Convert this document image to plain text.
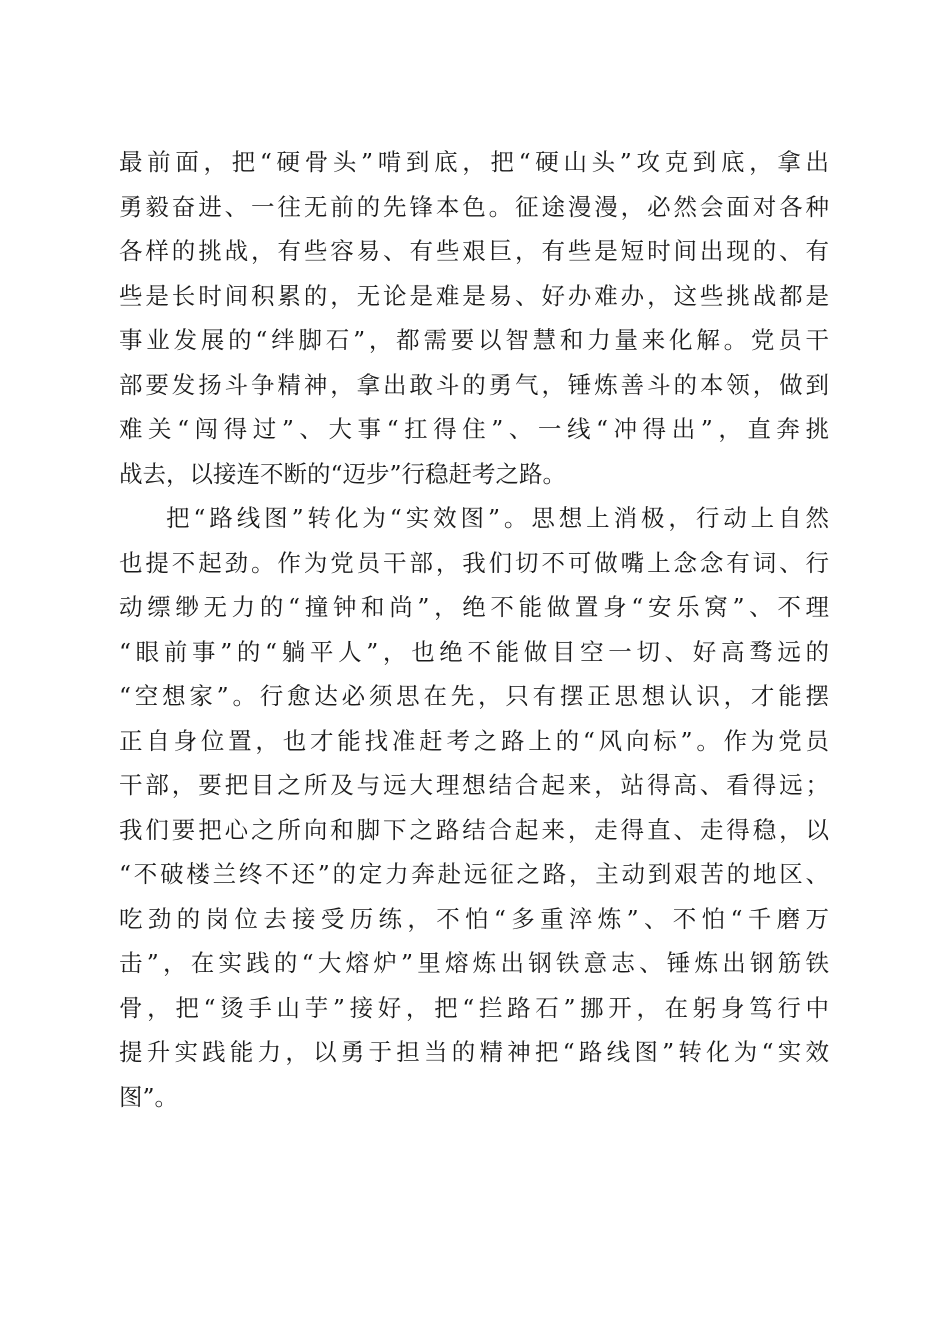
最前面，把“硬骨头”啃到底，把“硬山头”攻克到底，拿出
勇毅奋进、一往无前的先锋本色。征途漫漫，必然会面对各种
各样的挑战，有些容易、有些艰巨，有些是短时间出现的、有
些是长时间积累的，无论是难是易、好办难办，这些挑战都是
事业发展的“绊脚石”，都需要以智慧和力量来化解。党员干
部要发扬斗争精神，拿出敢斗的勇气，锤炼善斗的本领，做到
难关“闯得过”、大事“扛得住”、一线“冲得出”，直奔挑
战去，以接连不断的“迈步”行稳赶考之路。
把“路线图”转化为“实效图”。思想上消极，行动上自然
也提不起劲。作为党员干部，我们切不可做嘴上念念有词、行
动缥缈无力的“撞钟和尚”，绝不能做置身“安乐窝”、不理
“眼前事”的“躺平人”，也绝不能做目空一切、好高骛远的
“空想家”。行愈达必须思在先，只有摆正思想认识，才能摆
正自身位置，也才能找准赶考之路上的“风向标”。作为党员
干部，要把目之所及与远大理想结合起来，站得高、看得远；
我们要把心之所向和脚下之路结合起来，走得直、走得稳，以
“不破楼兰终不还”的定力奔赴远征之路，主动到艰苦的地区、
吃劲的岗位去接受历练，不怕“多重淬炼”、不怕“千磨万
击”，在实践的“大熔炉”里熔炼出钢铁意志、锤炼出钢筋铁
骨，把“烫手山芋”接好，把“拦路石”挪开，在躬身笃行中
提升实践能力，以勇于担当的精神把“路线图”转化为“实效
图”。
